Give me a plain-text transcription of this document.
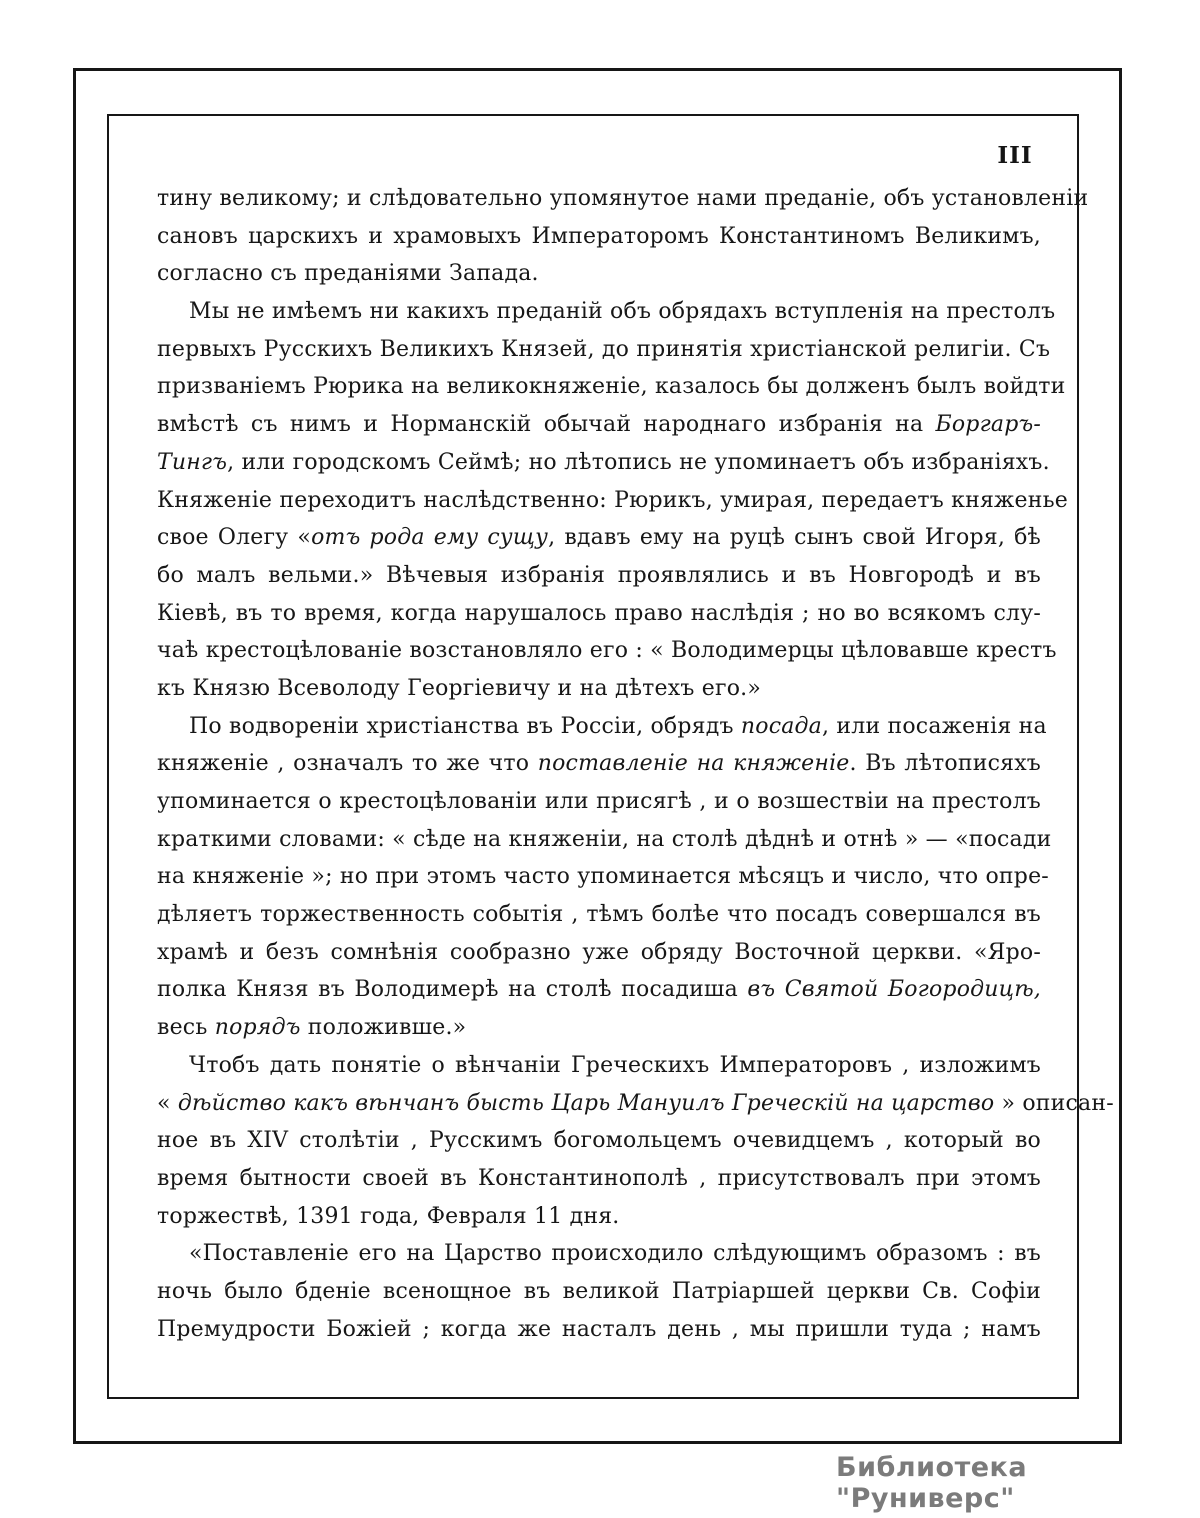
III
тину великому; и слѣдовательно упомянутое нами преданіе, объ установленіи
сановъ царскихъ и храмовыхъ Императоромъ Константиномъ Великимъ,
согласно съ преданіями Запада.
Мы не имѣемъ ни какихъ преданій объ обрядахъ вступленія на престолъ
первыхъ Русскихъ Великихъ Князей, до принятія христіанской религіи. Съ
призваніемъ Рюрика на великокняженіе, казалось бы долженъ былъ войдти
вмѣстѣ съ нимъ и Норманскій обычай народнаго избранія на Боргаръ-
Тингъ, или городскомъ Сеймѣ; но лѣтопись не упоминаетъ объ избраніяхъ.
Княженіе переходитъ наслѣдственно: Рюрикъ, умирая, передаетъ княженье
свое Олегу «отъ рода ему сущу, вдавъ ему на руцѣ сынъ свой Игоря, бѣ
бо малъ вельми.» Вѣчевыя избранія проявлялись и въ Новгородѣ и въ
Кіевѣ, въ то время, когда нарушалось право наслѣдія ; но во всякомъ слу-
чаѣ крестоцѣлованіе возстановляло его : « Володимерцы цѣловавше крестъ
къ Князю Всеволоду Георгіевичу и на дѣтехъ его.»
По водвореніи христіанства въ Россіи, обрядъ посада, или посаженія на
княженіе , означалъ то же что поставленіе на княженіе. Въ лѣтописяхъ
упоминается о крестоцѣлованіи или присягѣ , и о возшествіи на престолъ
краткими словами: « сѣде на княженіи, на столѣ дѣднѣ и отнѣ » — «посади
на княженіе »; но при этомъ часто упоминается мѣсяцъ и число, что опре-
дѣляетъ торжественность событія , тѣмъ болѣе что посадъ совершался въ
храмѣ и безъ сомнѣнія сообразно уже обряду Восточной церкви. «Яро-
полка Князя въ Володимерѣ на столѣ посадиша въ Святой Богородицѣ,
весь порядъ положивше.»
Чтобъ дать понятіе о вѣнчаніи Греческихъ Императоровъ , изложимъ
« дѣйство какъ вѣнчанъ бысть Царь Мануилъ Греческій на царство » описан-
ное въ XIV столѣтіи , Русскимъ богомольцемъ очевидцемъ , который во
время бытности своей въ Константинополѣ , присутствовалъ при этомъ
торжествѣ, 1391 года, Февраля 11 дня.
«Поставленіе его на Царство происходило слѣдующимъ образомъ : въ
ночь было бденіе всенощное въ великой Патріаршей церкви Св. Софіи
Премудрости Божіей ; когда же насталъ день , мы пришли туда ; намъ
Библиотека "Руниверс"
